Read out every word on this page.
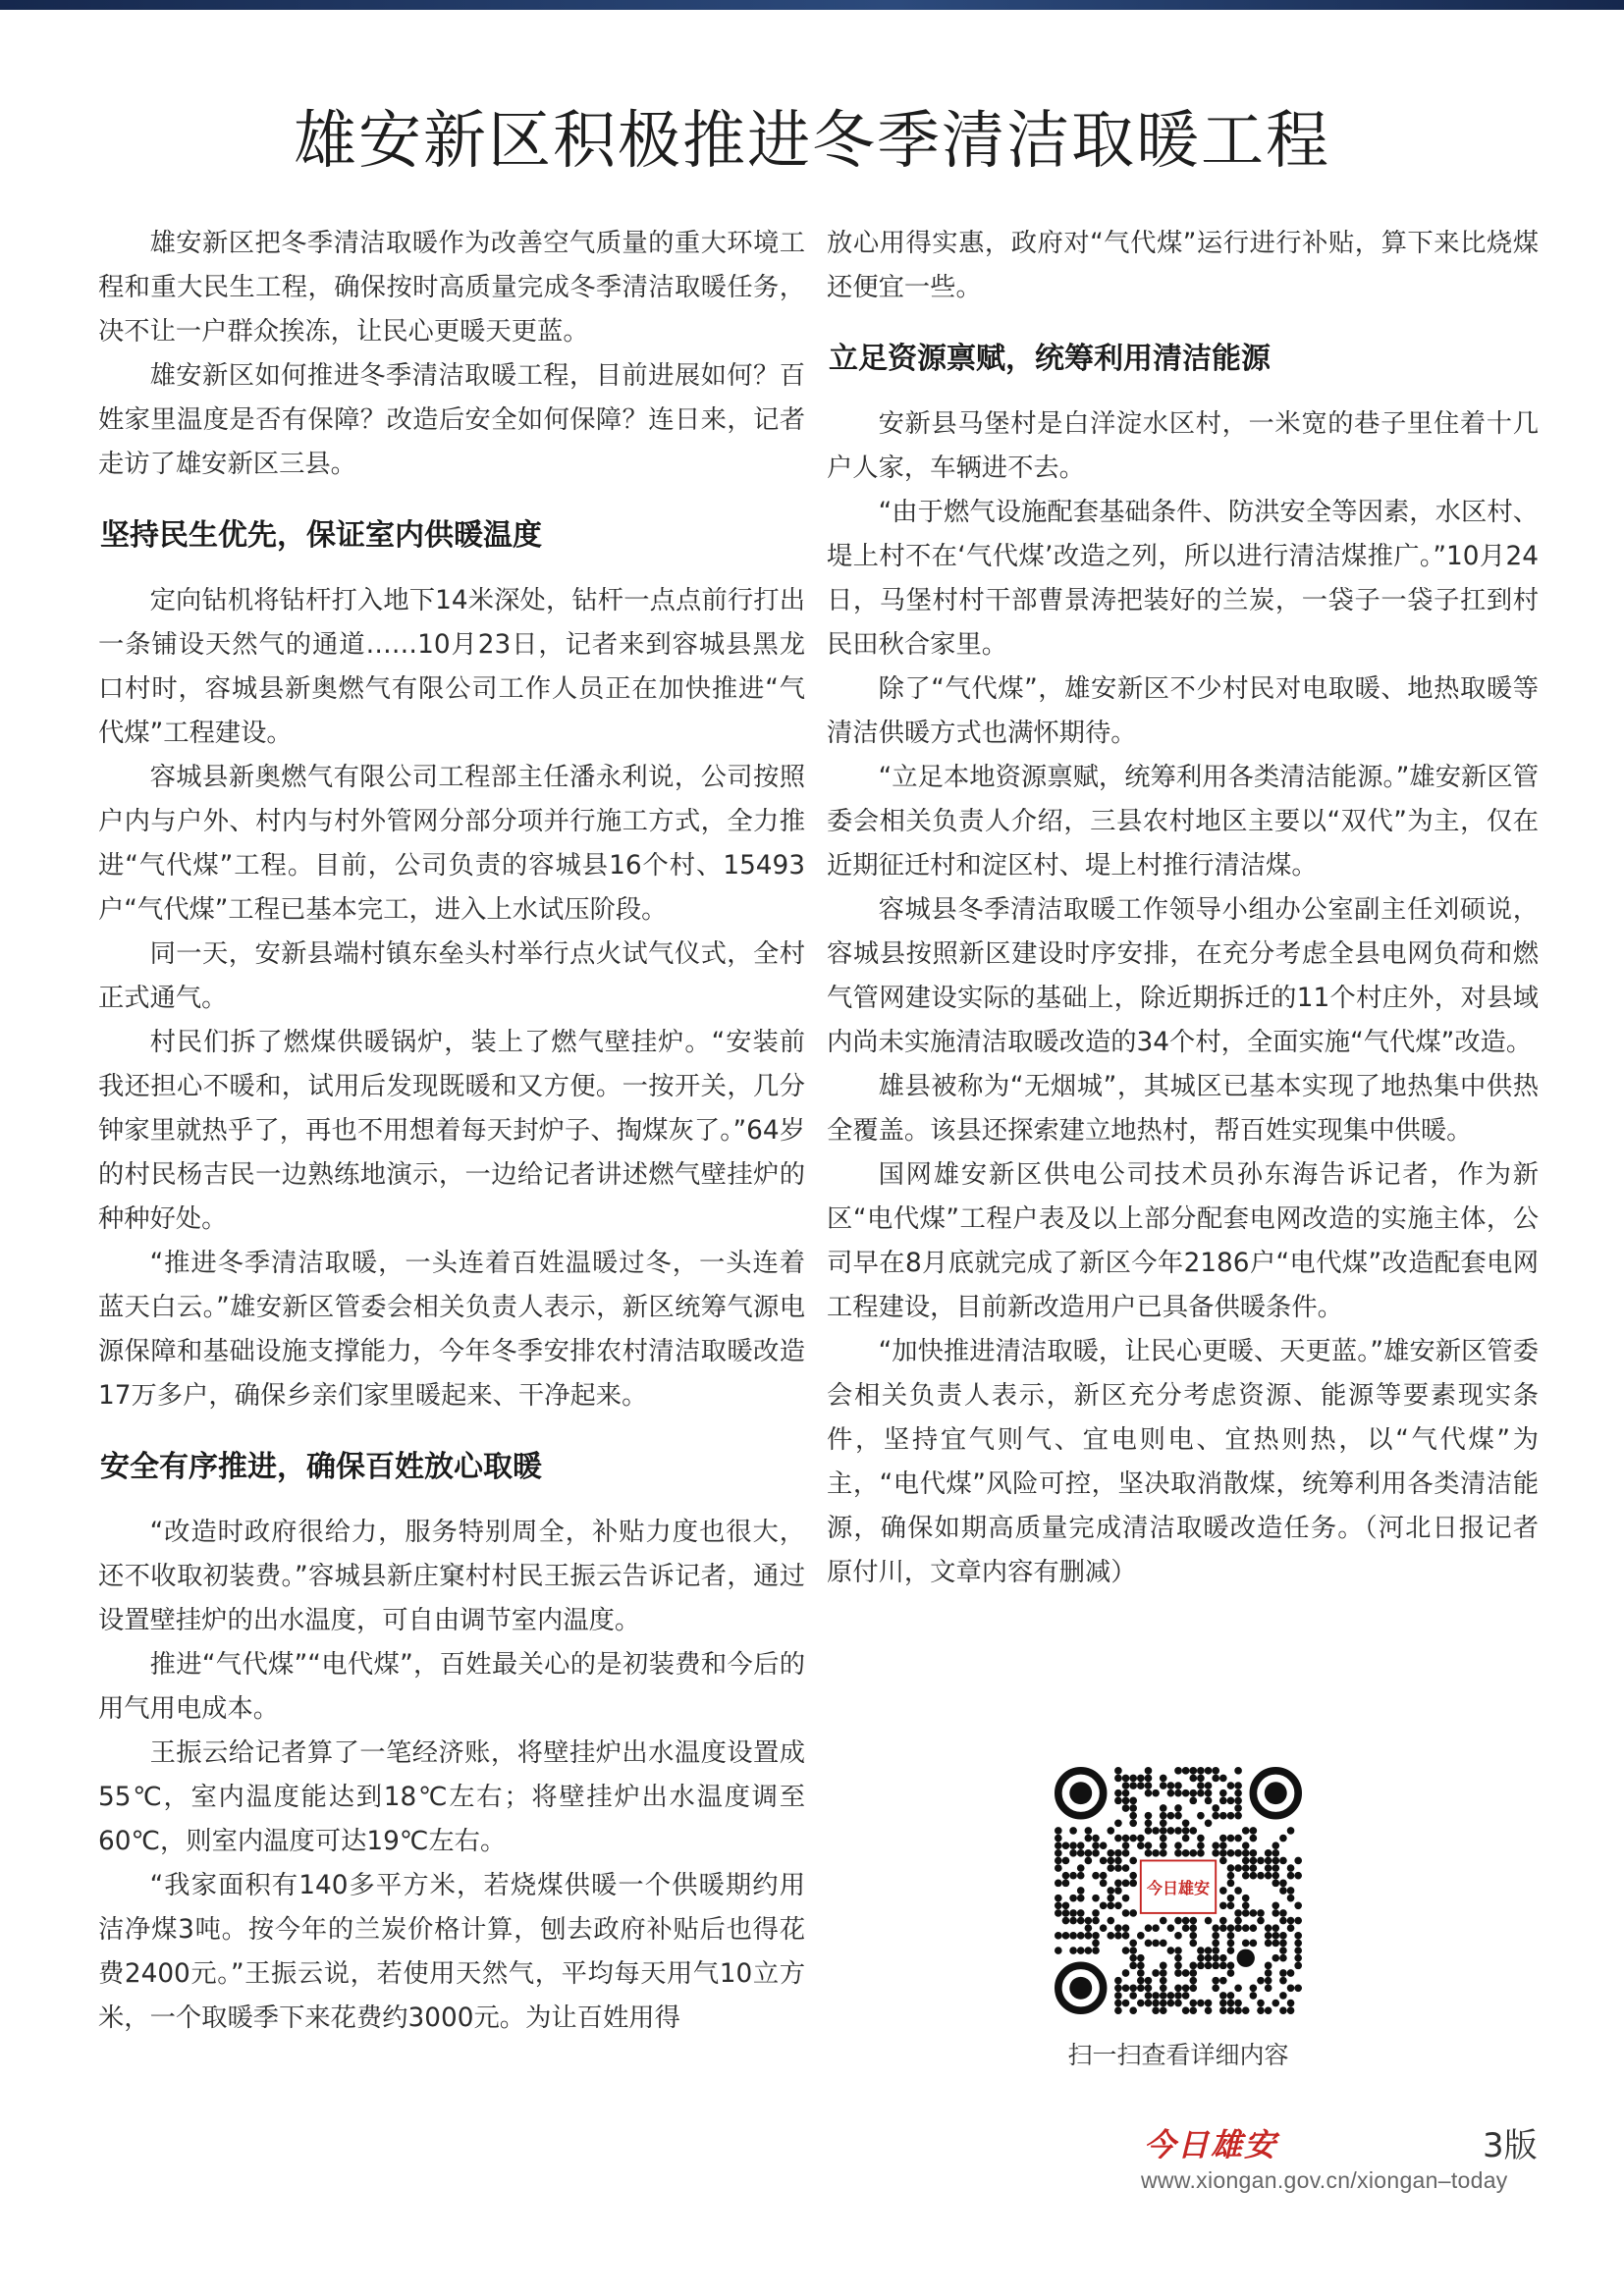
雄安新区积极推进冬季清洁取暖工程

雄安新区把冬季清洁取暖作为改善空气质量的重大环境工程和重大民生工程，确保按时高质量完成冬季清洁取暖任务，决不让一户群众挨冻，让民心更暖天更蓝。

雄安新区如何推进冬季清洁取暖工程，目前进展如何？百姓家里温度是否有保障？改造后安全如何保障？连日来，记者走访了雄安新区三县。

坚持民生优先，保证室内供暖温度

定向钻机将钻杆打入地下14米深处，钻杆一点点前行打出一条铺设天然气的通道……10月23日，记者来到容城县黑龙口村时，容城县新奥燃气有限公司工作人员正在加快推进“气代煤”工程建设。

容城县新奥燃气有限公司工程部主任潘永利说，公司按照户内与户外、村内与村外管网分部分项并行施工方式，全力推进“气代煤”工程。目前，公司负责的容城县16个村、15493户“气代煤”工程已基本完工，进入上水试压阶段。

同一天，安新县端村镇东垒头村举行点火试气仪式，全村正式通气。

村民们拆了燃煤供暖锅炉，装上了燃气壁挂炉。“安装前我还担心不暖和，试用后发现既暖和又方便。一按开关，几分钟家里就热乎了，再也不用想着每天封炉子、掏煤灰了。”64岁的村民杨吉民一边熟练地演示，一边给记者讲述燃气壁挂炉的种种好处。

“推进冬季清洁取暖，一头连着百姓温暖过冬，一头连着蓝天白云。”雄安新区管委会相关负责人表示，新区统筹气源电源保障和基础设施支撑能力，今年冬季安排农村清洁取暖改造17万多户，确保乡亲们家里暖起来、干净起来。

安全有序推进，确保百姓放心取暖

“改造时政府很给力，服务特别周全，补贴力度也很大，还不收取初装费。”容城县新庄窠村村民王振云告诉记者，通过设置壁挂炉的出水温度，可自由调节室内温度。

推进“气代煤”“电代煤”，百姓最关心的是初装费和今后的用气用电成本。

王振云给记者算了一笔经济账，将壁挂炉出水温度设置成55℃，室内温度能达到18℃左右；将壁挂炉出水温度调至60℃，则室内温度可达19℃左右。

“我家面积有140多平方米，若烧煤供暖一个供暖期约用洁净煤3吨。按今年的兰炭价格计算，刨去政府补贴后也得花费2400元。”王振云说，若使用天然气，平均每天用气10立方米，一个取暖季下来花费约3000元。为让百姓用得

放心用得实惠，政府对“气代煤”运行进行补贴，算下来比烧煤还便宜一些。

立足资源禀赋，统筹利用清洁能源

安新县马堡村是白洋淀水区村，一米宽的巷子里住着十几户人家，车辆进不去。

“由于燃气设施配套基础条件、防洪安全等因素，水区村、堤上村不在‘气代煤’改造之列，所以进行清洁煤推广。”10月24日，马堡村村干部曹景涛把装好的兰炭，一袋子一袋子扛到村民田秋合家里。

除了“气代煤”，雄安新区不少村民对电取暖、地热取暖等清洁供暖方式也满怀期待。

“立足本地资源禀赋，统筹利用各类清洁能源。”雄安新区管委会相关负责人介绍，三县农村地区主要以“双代”为主，仅在近期征迁村和淀区村、堤上村推行清洁煤。

容城县冬季清洁取暖工作领导小组办公室副主任刘硕说，容城县按照新区建设时序安排，在充分考虑全县电网负荷和燃气管网建设实际的基础上，除近期拆迁的11个村庄外，对县域内尚未实施清洁取暖改造的34个村，全面实施“气代煤”改造。

雄县被称为“无烟城”，其城区已基本实现了地热集中供热全覆盖。该县还探索建立地热村，帮百姓实现集中供暖。

国网雄安新区供电公司技术员孙东海告诉记者，作为新区“电代煤”工程户表及以上部分配套电网改造的实施主体，公司早在8月底就完成了新区今年2186户“电代煤”改造配套电网工程建设，目前新改造用户已具备供暖条件。

“加快推进清洁取暖，让民心更暖、天更蓝。”雄安新区管委会相关负责人表示，新区充分考虑资源、能源等要素现实条件，坚持宜气则气、宜电则电、宜热则热，以“气代煤”为主，“电代煤”风险可控，坚决取消散煤，统筹利用各类清洁能源，确保如期高质量完成清洁取暖改造任务。（河北日报记者 原付川，文章内容有删减）

今日雄安
扫一扫查看详细内容
今日雄安	3版
www.xiongan.gov.cn/xiongan–today
